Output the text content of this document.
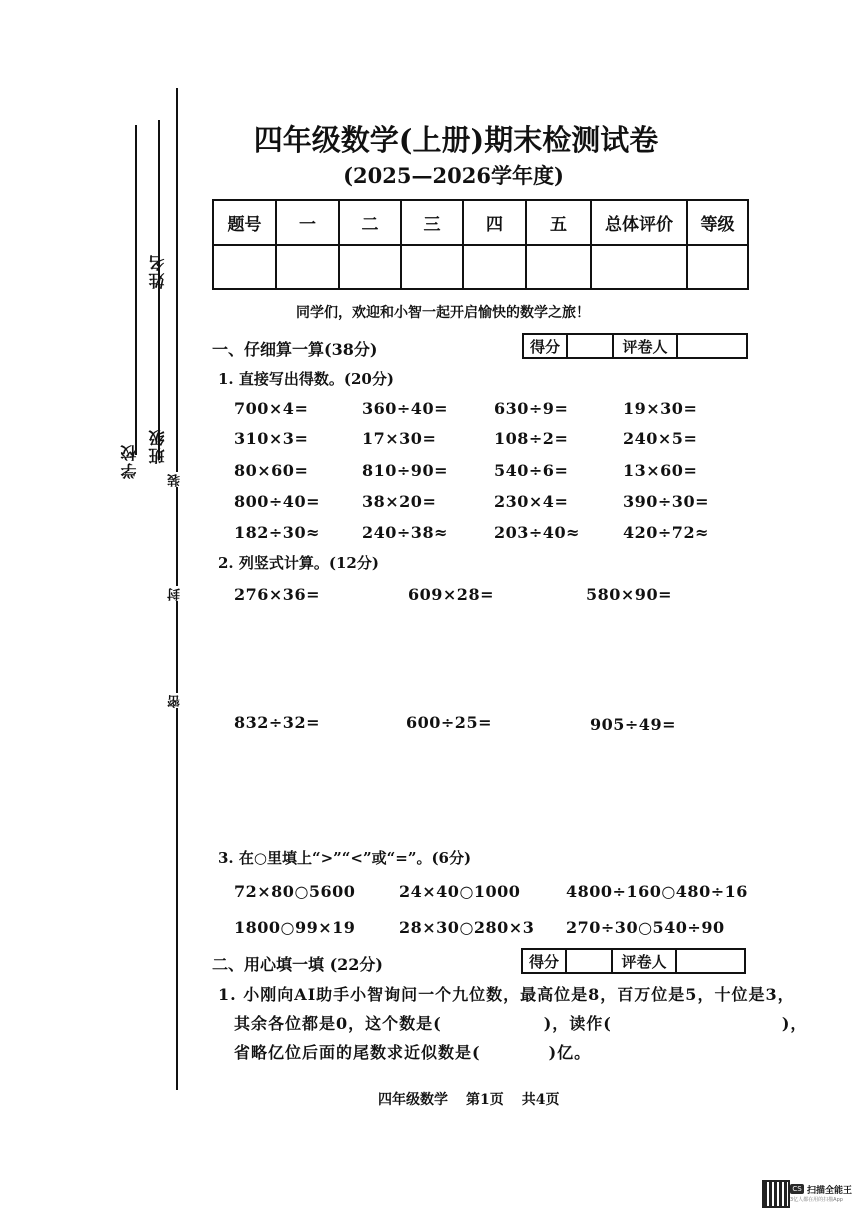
学校 班级
姓名
装
封
密
四年级数学(上册)期末检测试卷
(2025—2026学年度)
题号	一	二	三	四	五	总体评价	等级

同学们，欢迎和小智一起开启愉快的数学之旅！
一、仔细算一算(38分)	得分	评卷人
1. 直接写出得数。(20分)
700×4=	360÷40=	630÷9=	19×30=
310×3=	17×30=	108÷2=	240×5=
80×60=	810÷90=	540÷6=	13×60=
800÷40=	38×20=	230×4=	390÷30=
182÷30≈	240÷38≈	203÷40≈	420÷72≈
2. 列竖式计算。(12分)
276×36=	609×28=	580×90=
832÷32=	600÷25=	905÷49=
3. 在○里填上“>”“<”或“=”。(6分)
72×80○5600	24×40○1000	4800÷160○480÷16
1800○99×19	28×30○280×3 270÷30○540÷90
二、用心填一填 (22分)	得分	评卷人
1. 小刚向AI助手小智询问一个九位数，最高位是8，百万位是5，十位是3，
其余各位都是0，这个数是(　　　　　　)，读作(　　　　　　　　　　)，
省略亿位后面的尾数求近似数是(　　　　)亿。
四年级数学 第1页 共4页
CS 扫描全能王
3亿人都在用的扫描App
